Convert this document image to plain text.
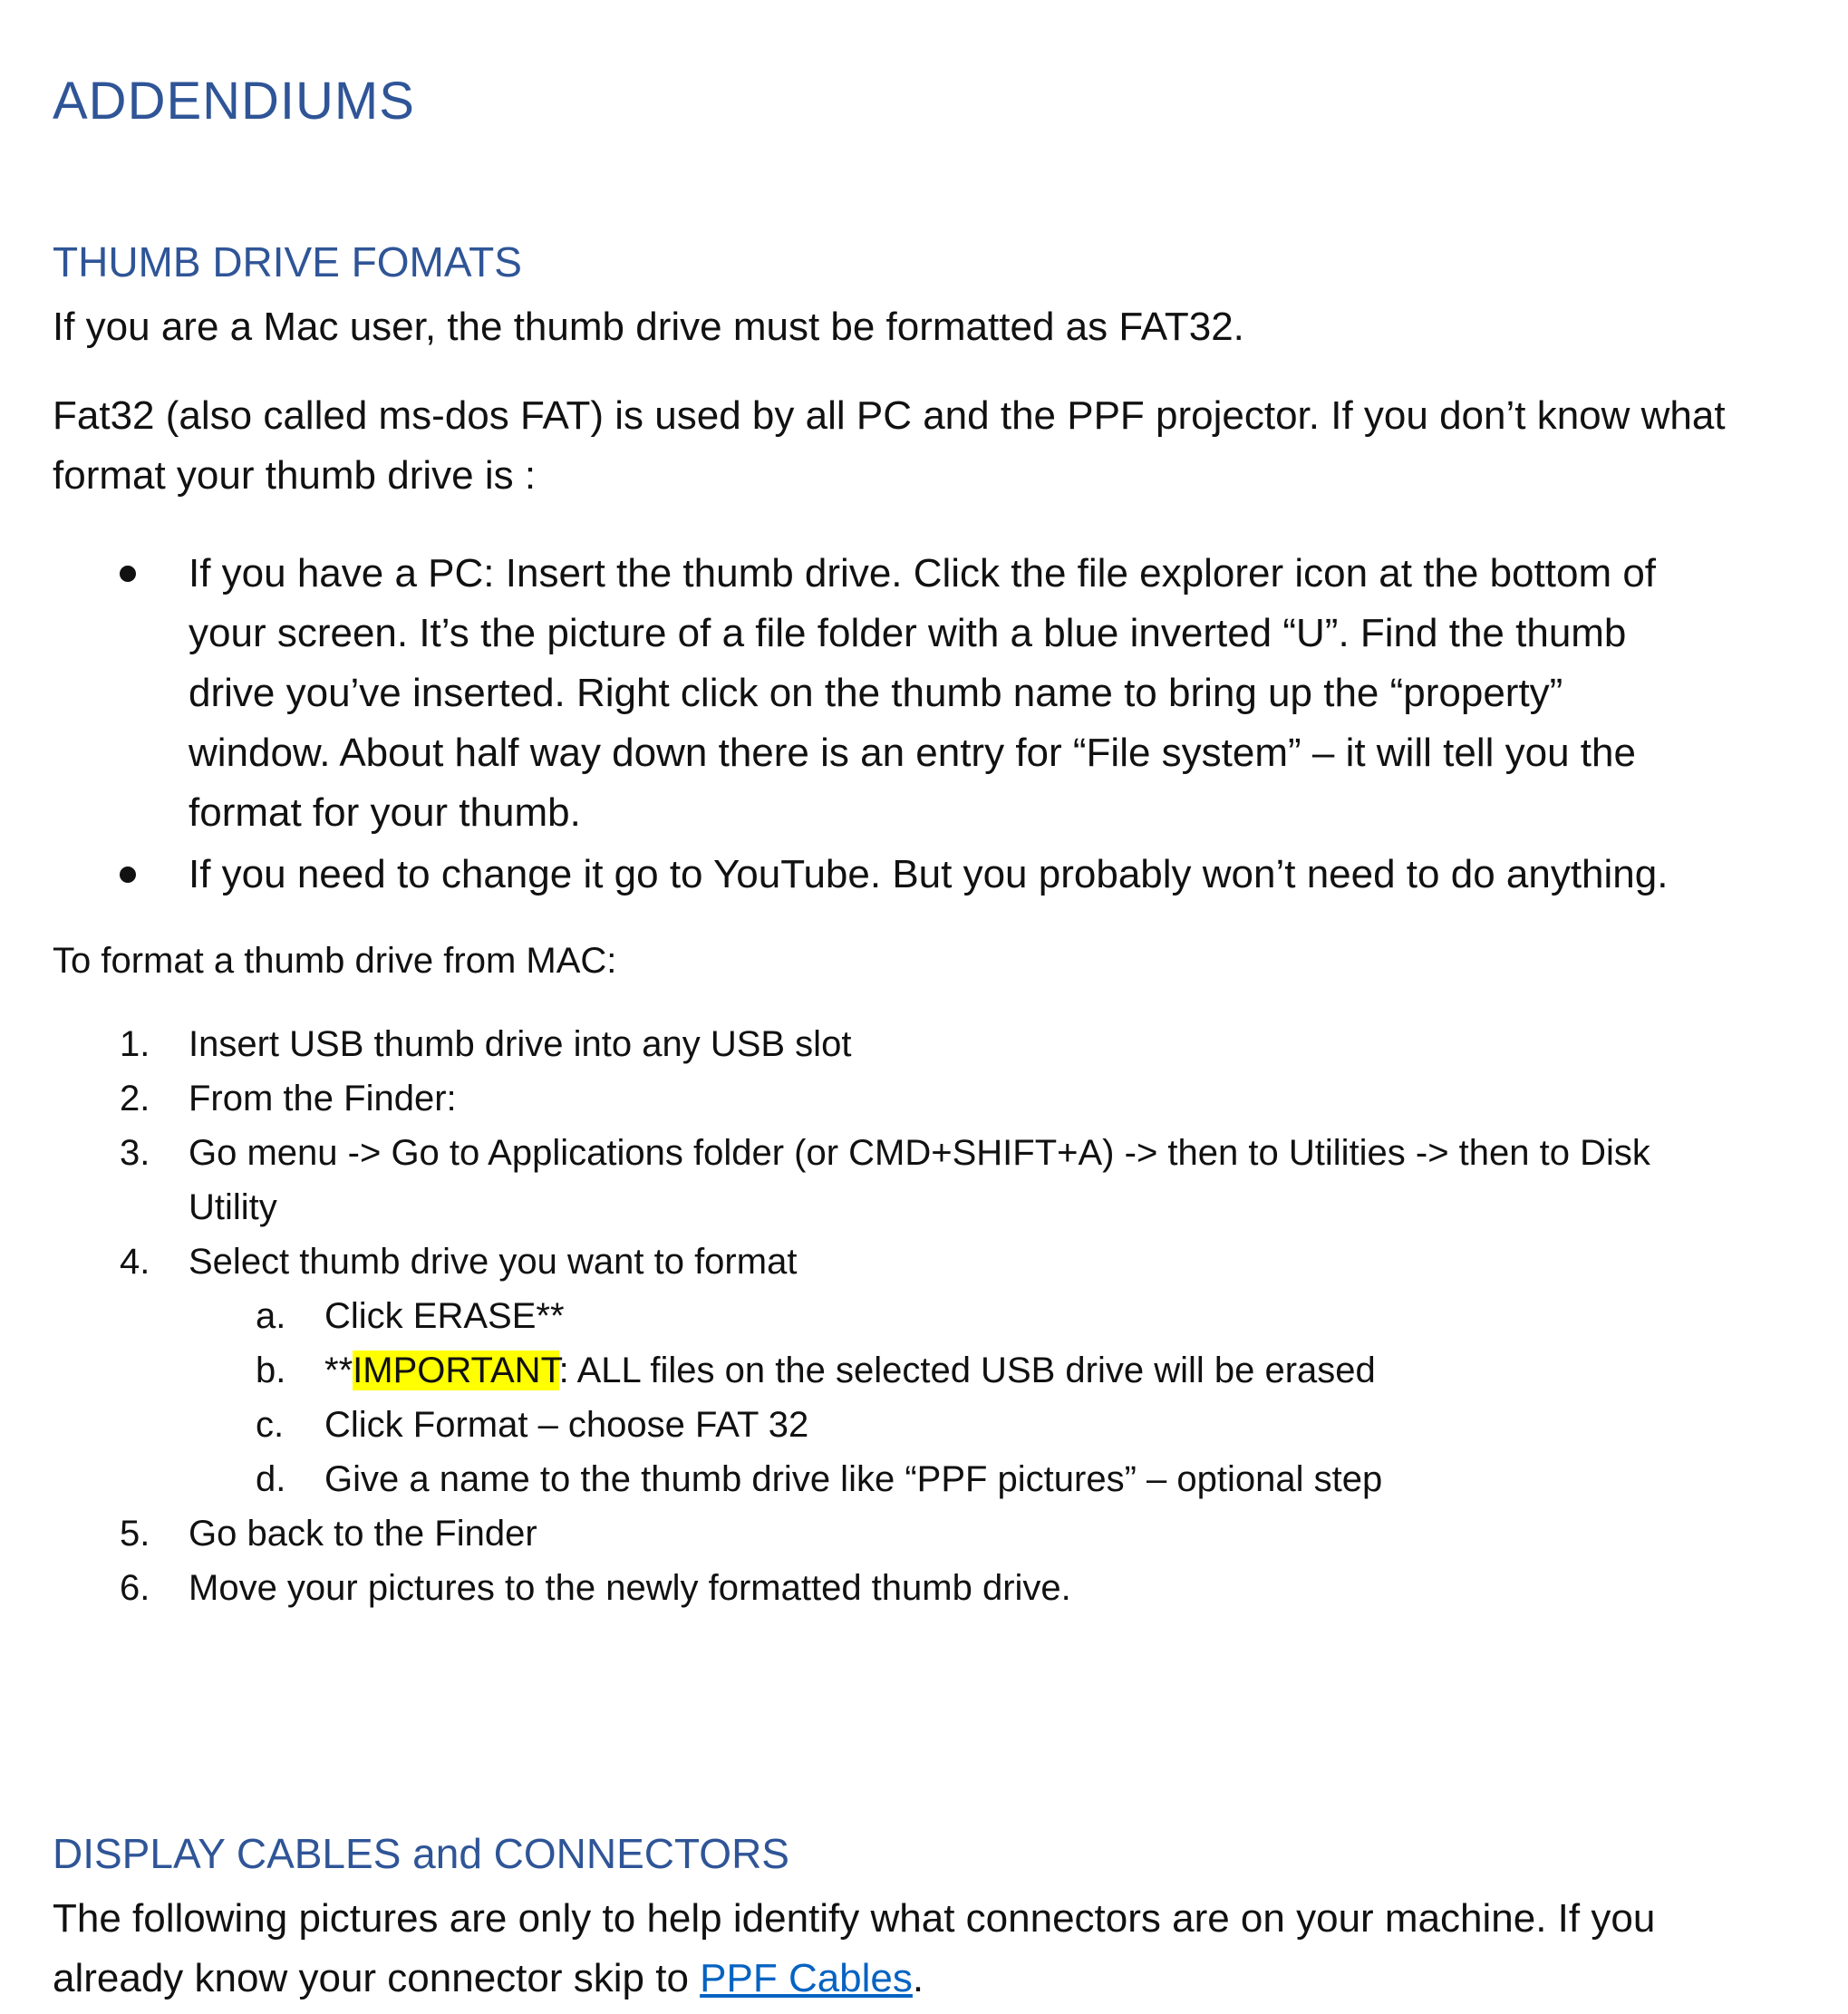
ADDENDIUMS
THUMB DRIVE FOMATS

If you are a Mac user, the thumb drive must be formatted as FAT32.

Fat32 (also called ms-dos FAT) is used by all PC and the PPF projector. If you don’t know what

format your thumb drive is :

If you have a PC: Insert the thumb drive. Click the file explorer icon at the bottom of

your screen. It’s the picture of a file folder with a blue inverted “U”. Find the thumb

drive you’ve inserted. Right click on the thumb name to bring up the “property”

window. About half way down there is an entry for “File system” – it will tell you the

format for your thumb.

If you need to change it go to YouTube. But you probably won’t need to do anything.

To format a thumb drive from MAC:

1. Insert USB thumb drive into any USB slot
2. From the Finder:
3. Go menu -> Go to Applications folder (or CMD+SHIFT+A) -> then to Utilities -> then to Disk
Utility
4. Select thumb drive you want to format
a. Click ERASE**
b. **IMPORTANT: ALL files on the selected USB drive will be erased
c. Click Format – choose FAT 32
d. Give a name to the thumb drive like “PPF pictures” – optional step
5. Go back to the Finder
6. Move your pictures to the newly formatted thumb drive.
DISPLAY CABLES and CONNECTORS

The following pictures are only to help identify what connectors are on your machine. If you

already know your connector skip to PPF Cables.
